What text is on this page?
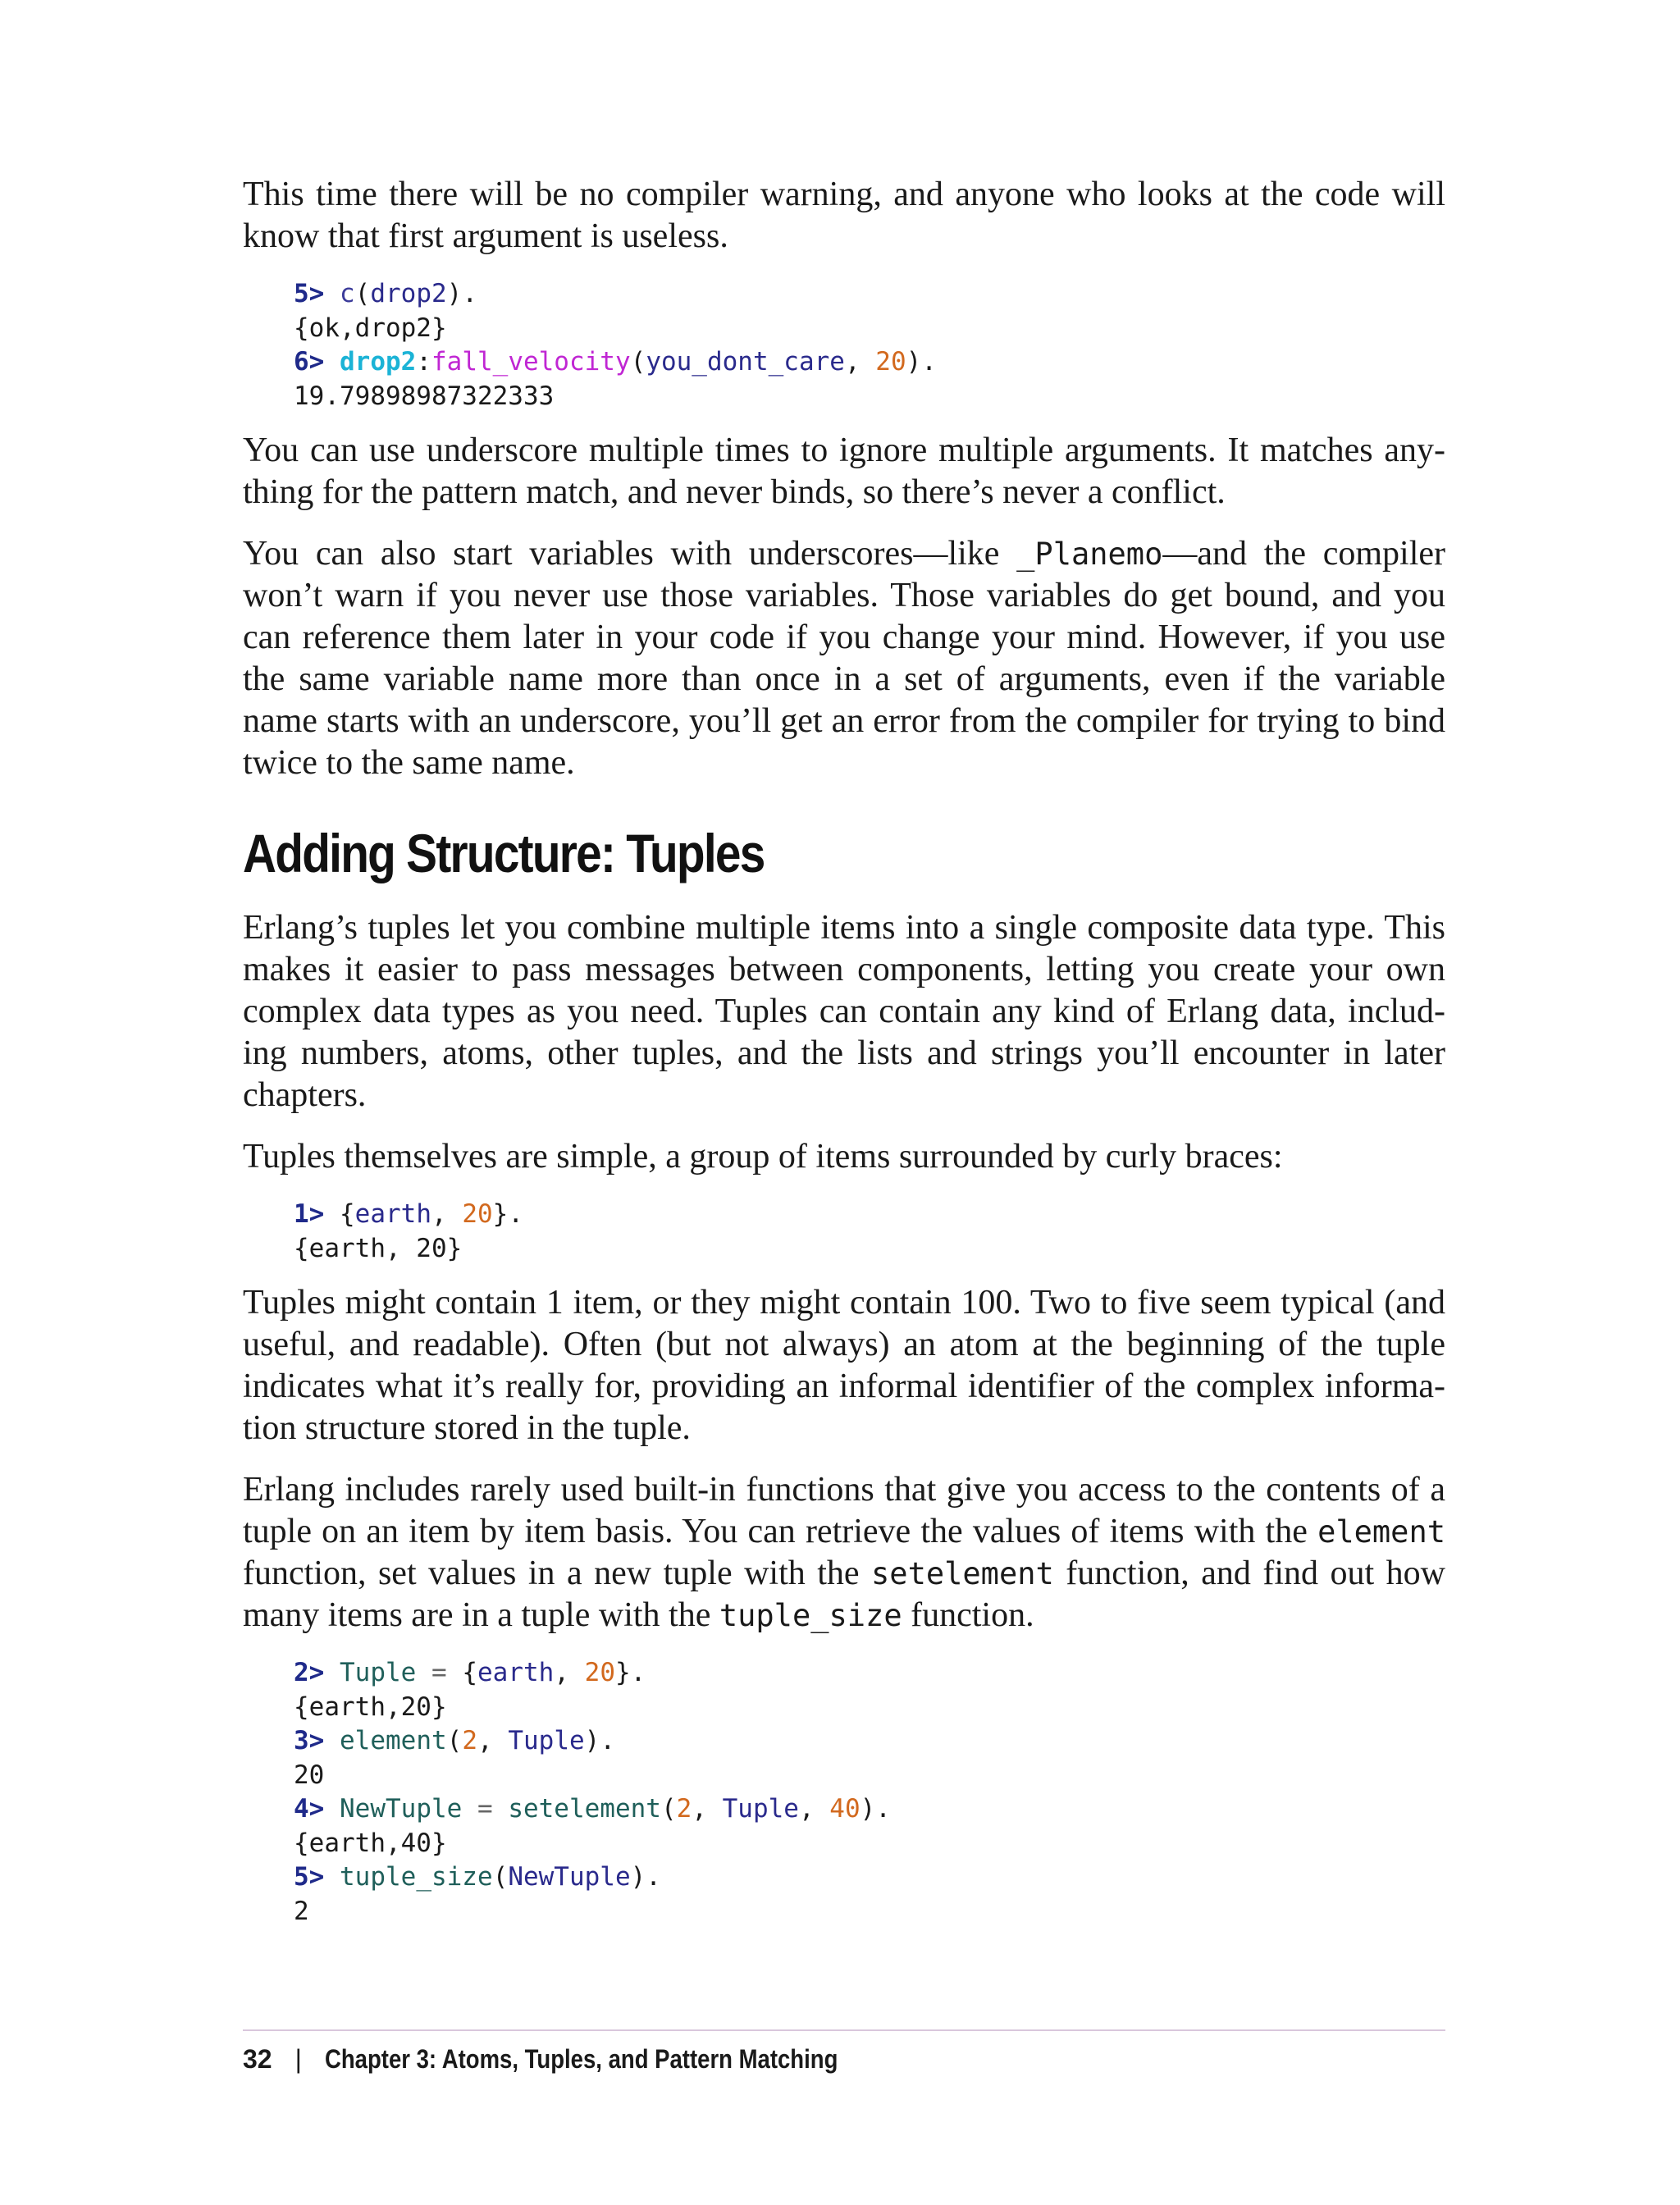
This time there will be no compiler warning, and anyone who looks at the code will know that first argument is useless.

5> c(drop2).
{ok,drop2}
6> drop2:fall_velocity(you_dont_care, 20).
19.79898987322333

You can use underscore multiple times to ignore multiple arguments. It matches any-thing for the pattern match, and never binds, so there’s never a conflict.

You can also start variables with underscores—like _Planemo—and the compiler won’t warn if you never use those variables. Those variables do get bound, and you can reference them later in your code if you change your mind. However, if you use the same variable name more than once in a set of arguments, even if the variable name starts with an underscore, you’ll get an error from the compiler for trying to bind twice to the same name.

Adding Structure: Tuples

Erlang’s tuples let you combine multiple items into a single composite data type. This makes it easier to pass messages between components, letting you create your own complex data types as you need. Tuples can contain any kind of Erlang data, includ-ing numbers, atoms, other tuples, and the lists and strings you’ll encounter in later chapters.

Tuples themselves are simple, a group of items surrounded by curly braces:

1> {earth, 20}.
{earth, 20}

Tuples might contain 1 item, or they might contain 100. Two to five seem typical (and useful, and readable). Often (but not always) an atom at the beginning of the tuple indicates what it’s really for, providing an informal identifier of the complex informa-tion structure stored in the tuple.

Erlang includes rarely used built-in functions that give you access to the contents of a tuple on an item by item basis. You can retrieve the values of items with the element function, set values in a new tuple with the setelement function, and find out how many items are in a tuple with the tuple_size function.

2> Tuple = {earth, 20}.
{earth,20}
3> element(2, Tuple).
20
4> NewTuple = setelement(2, Tuple, 40).
{earth,40}
5> tuple_size(NewTuple).
2
32 | Chapter 3: Atoms, Tuples, and Pattern Matching
